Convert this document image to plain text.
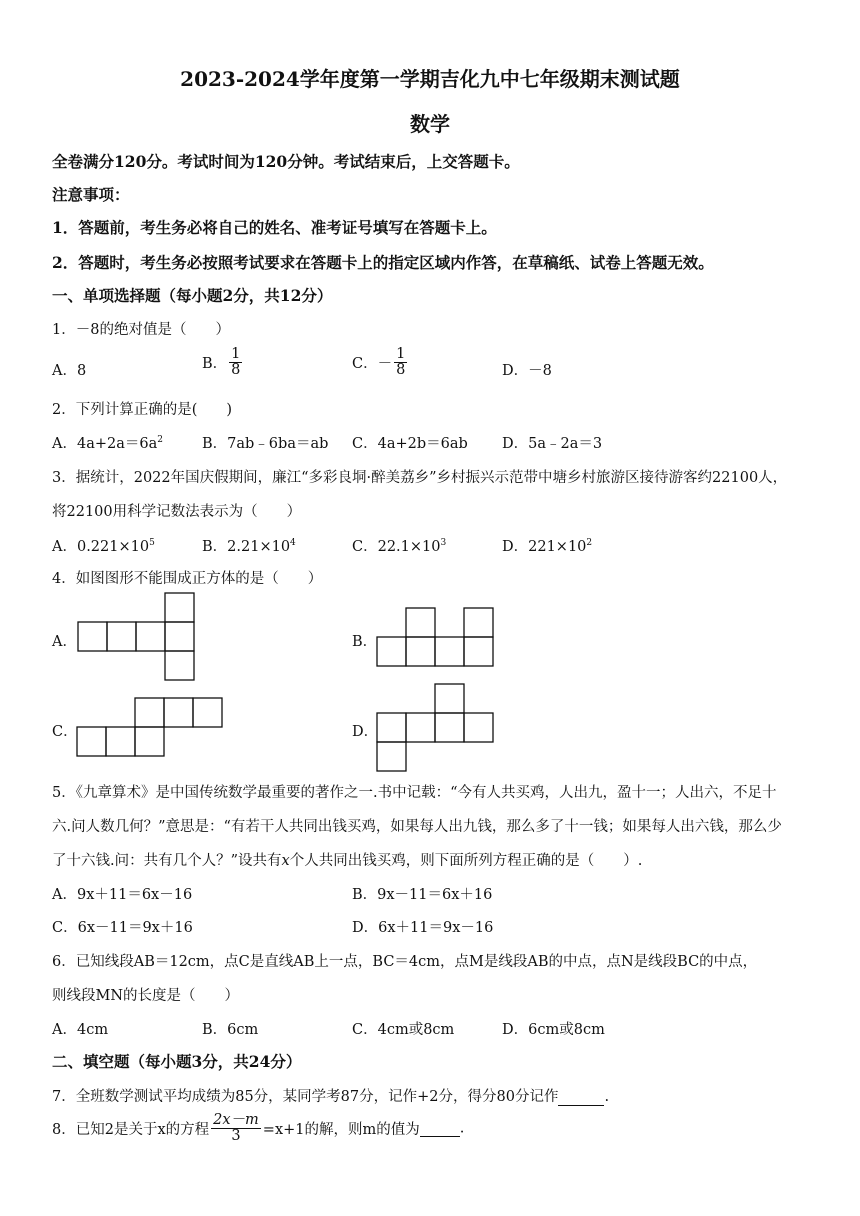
2023-2024学年度第一学期吉化九中七年级期末测试题
数学
全卷满分120分。考试时间为120分钟。考试结束后，上交答题卡。
注意事项：
1．答题前，考生务必将自己的姓名、准考证号填写在答题卡上。
2．答题时，考生务必按照考试要求在答题卡上的指定区域内作答，在草稿纸、试卷上答题无效。
一、单项选择题（每小题2分，共12分）
1．－8的绝对值是（　　）
A．8	B． $\frac{1}{8}$	C．－ $\frac{1}{8}$	D．－8
2．下列计算正确的是(　　)
A．$4a+2a=6a^2$	B．7ab﹣6ba＝ab C．4a+2b＝6ab D．5a﹣2a＝3
3．据统计，2022年国庆假期间，廉江“多彩良垌·醉美荔乡”乡村振兴示范带中塘乡村旅游区接待游客约22100人，
将22100用科学记数法表示为（　　）
A．$0.221\times 10^5$	B．$2.21\times 10^4$	C．$22.1\times 10^3$	D．$221\times 10^2$
4．如图图形不能围成正方体的是（　　）
A．	B．
C．	D．
5．《九章算术》是中国传统数学最重要的著作之一.书中记载：“今有人共买鸡，人出九，盈十一；人出六，不足十
六.问人数几何？”意思是：“有若干人共同出钱买鸡，如果每人出九钱，那么多了十一钱；如果每人出六钱，那么少
了十六钱.问：共有几个人？”设共有x个人共同出钱买鸡，则下面所列方程正确的是（　　）.
A．9x＋11＝6x－16	B．9x－11＝6x＋16
C．6x－11＝9x＋16	D．6x＋11＝9x－16
6．已知线段AB＝12cm，点C是直线AB上一点，BC＝4cm，点M是线段AB的中点，点N是线段BC的中点，
则线段MN的长度是（　　）
A．4cm	B．6cm	C．4cm或8cm	D．6cm或8cm
二、填空题（每小题3分，共24分）
7．全班数学测试平均成绩为85分，某同学考87分，记作+2分，得分80分记作	.
8．已知2是关于x的方程 $\frac{2x-m}{3} =x+1$的解，则m的值为	.
